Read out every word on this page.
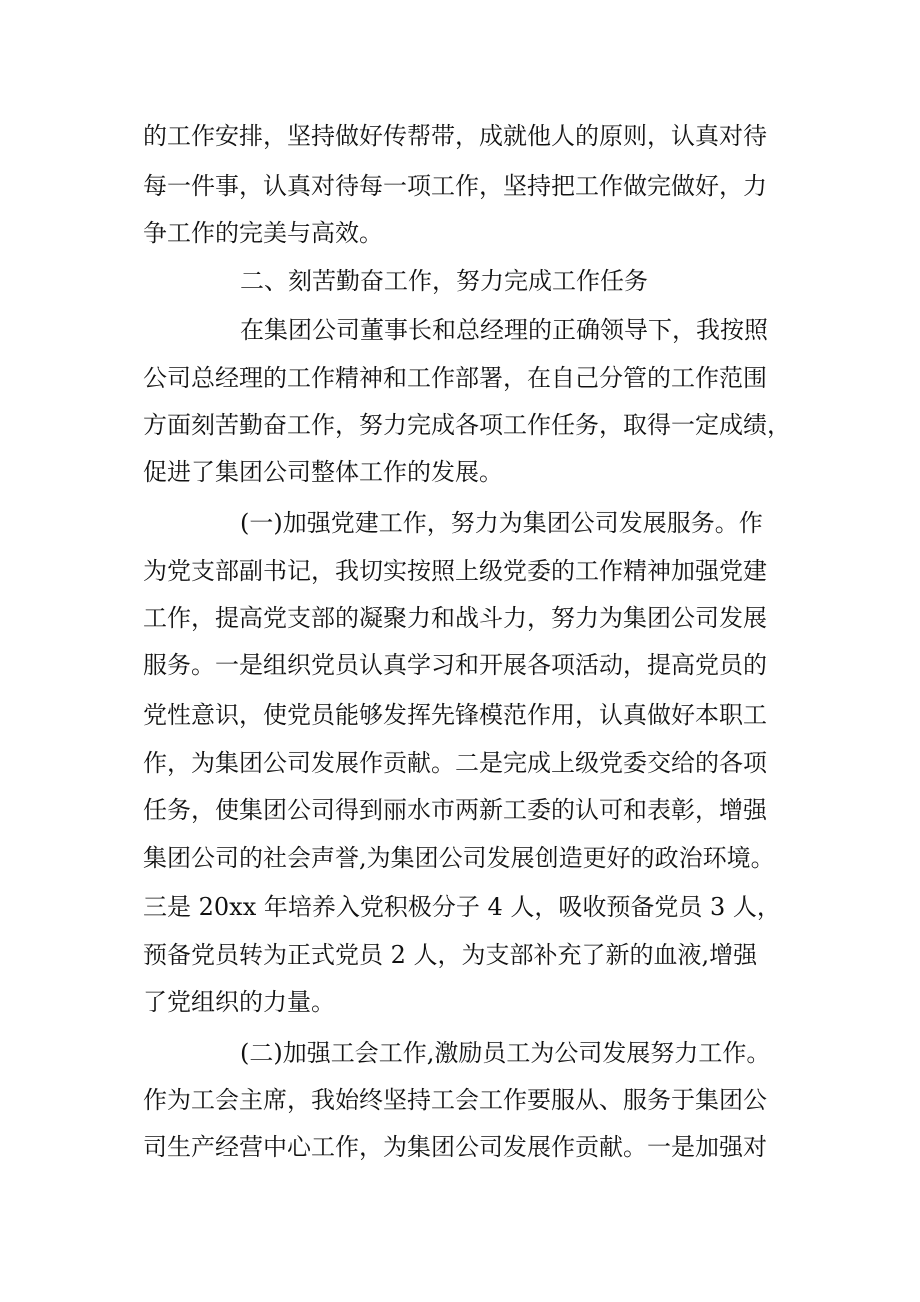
的工作安排，坚持做好传帮带，成就他人的原则，认真对待
每一件事，认真对待每一项工作，坚持把工作做完做好，力
争工作的完美与高效。
二、刻苦勤奋工作，努力完成工作任务
在集团公司董事长和总经理的正确领导下，我按照
公司总经理的工作精神和工作部署，在自己分管的工作范围
方面刻苦勤奋工作，努力完成各项工作任务，取得一定成绩，
促进了集团公司整体工作的发展。
(一)加强党建工作，努力为集团公司发展服务。作
为党支部副书记，我切实按照上级党委的工作精神加强党建
工作，提高党支部的凝聚力和战斗力，努力为集团公司发展
服务。一是组织党员认真学习和开展各项活动，提高党员的
党性意识，使党员能够发挥先锋模范作用，认真做好本职工
作，为集团公司发展作贡献。二是完成上级党委交给的各项
任务，使集团公司得到丽水市两新工委的认可和表彰，增强
集团公司的社会声誉,为集团公司发展创造更好的政治环境。
三是 20xx 年培养入党积极分子 4 人，吸收预备党员 3 人，
预备党员转为正式党员 2 人，为支部补充了新的血液,增强
了党组织的力量。
(二)加强工会工作,激励员工为公司发展努力工作。
作为工会主席，我始终坚持工会工作要服从、服务于集团公
司生产经营中心工作，为集团公司发展作贡献。一是加强对
